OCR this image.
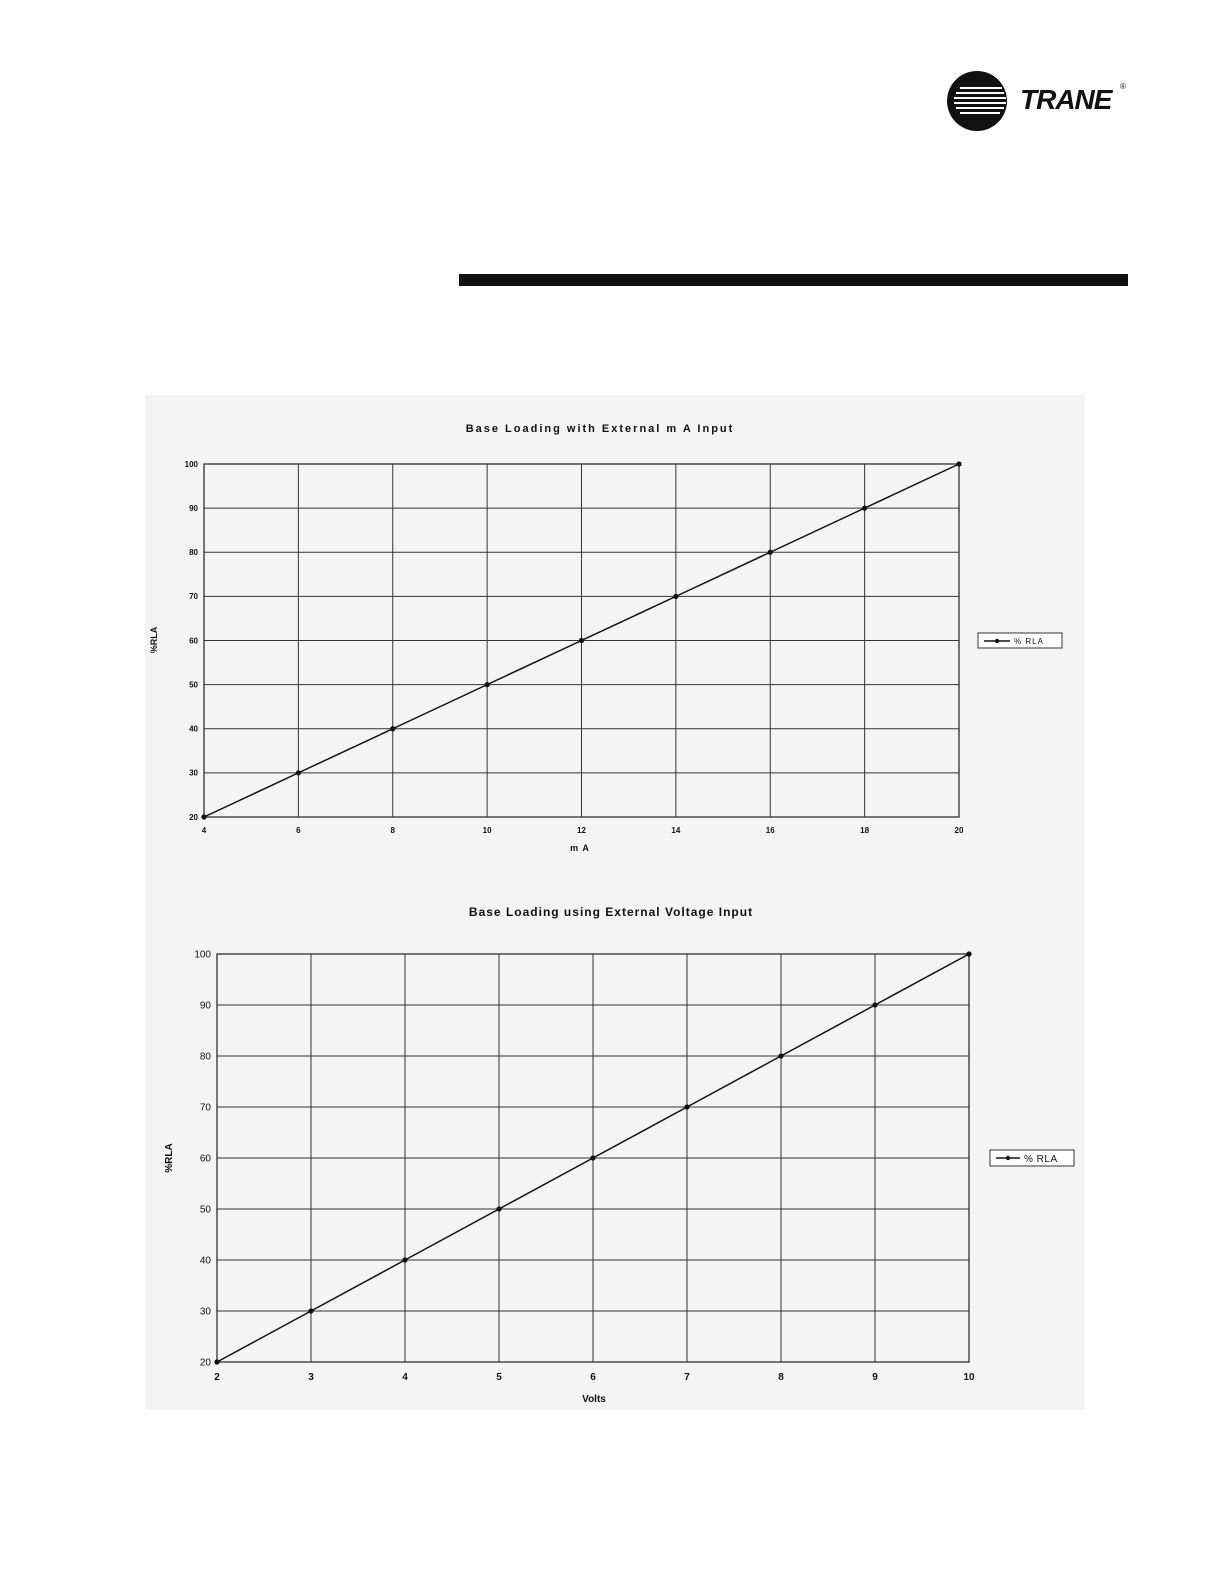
TRANE ®
Base Loading with External m A Input
m A
%RLA	% RLA
4	6	8	10	12	14	16	18	20
20
30
40
50
60
70
80
90
100
Base Loading using External Voltage Input
Volts
%RLA	% RLA
2	3	4	5	6	7	8	9	10
20
30
40
50
60
70
80
90
100
